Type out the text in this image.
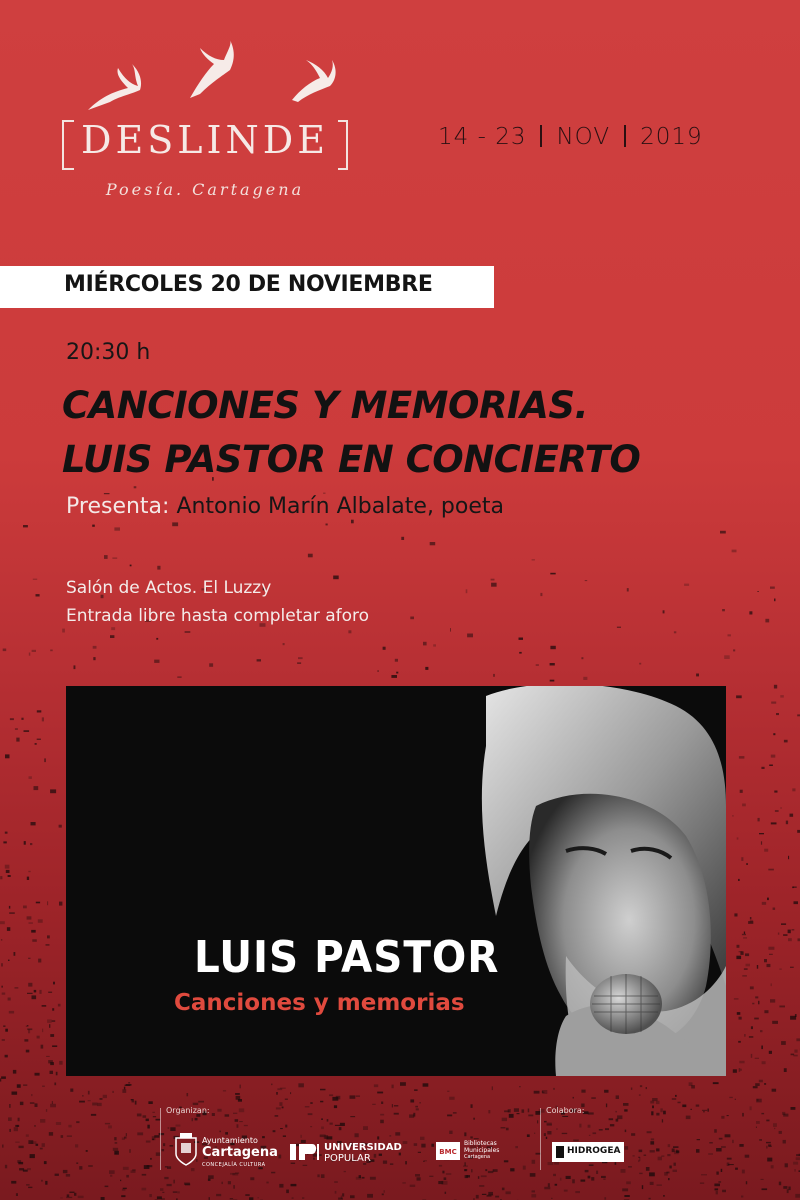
DESLINDE
Poesía. Cartagena
14 - 23 NOV 2019
MIÉRCOLES 20 DE NOVIEMBRE
20:30 h
CANCIONES Y MEMORIAS.
LUIS PASTOR EN CONCIERTO
Presenta: Antonio Marín Albalate, poeta
Salón de Actos. El Luzzy
Entrada libre hasta completar aforo
LUIS PASTOR
Canciones y memorias
Organizan:	Colabora:
Ayuntamiento
Cartagena
CONCEJALÍA CULTURA
UNIVERSIDAD
POPULAR
BMC
Bibliotecas
Municipales
Cartagena
HIDROGEA
